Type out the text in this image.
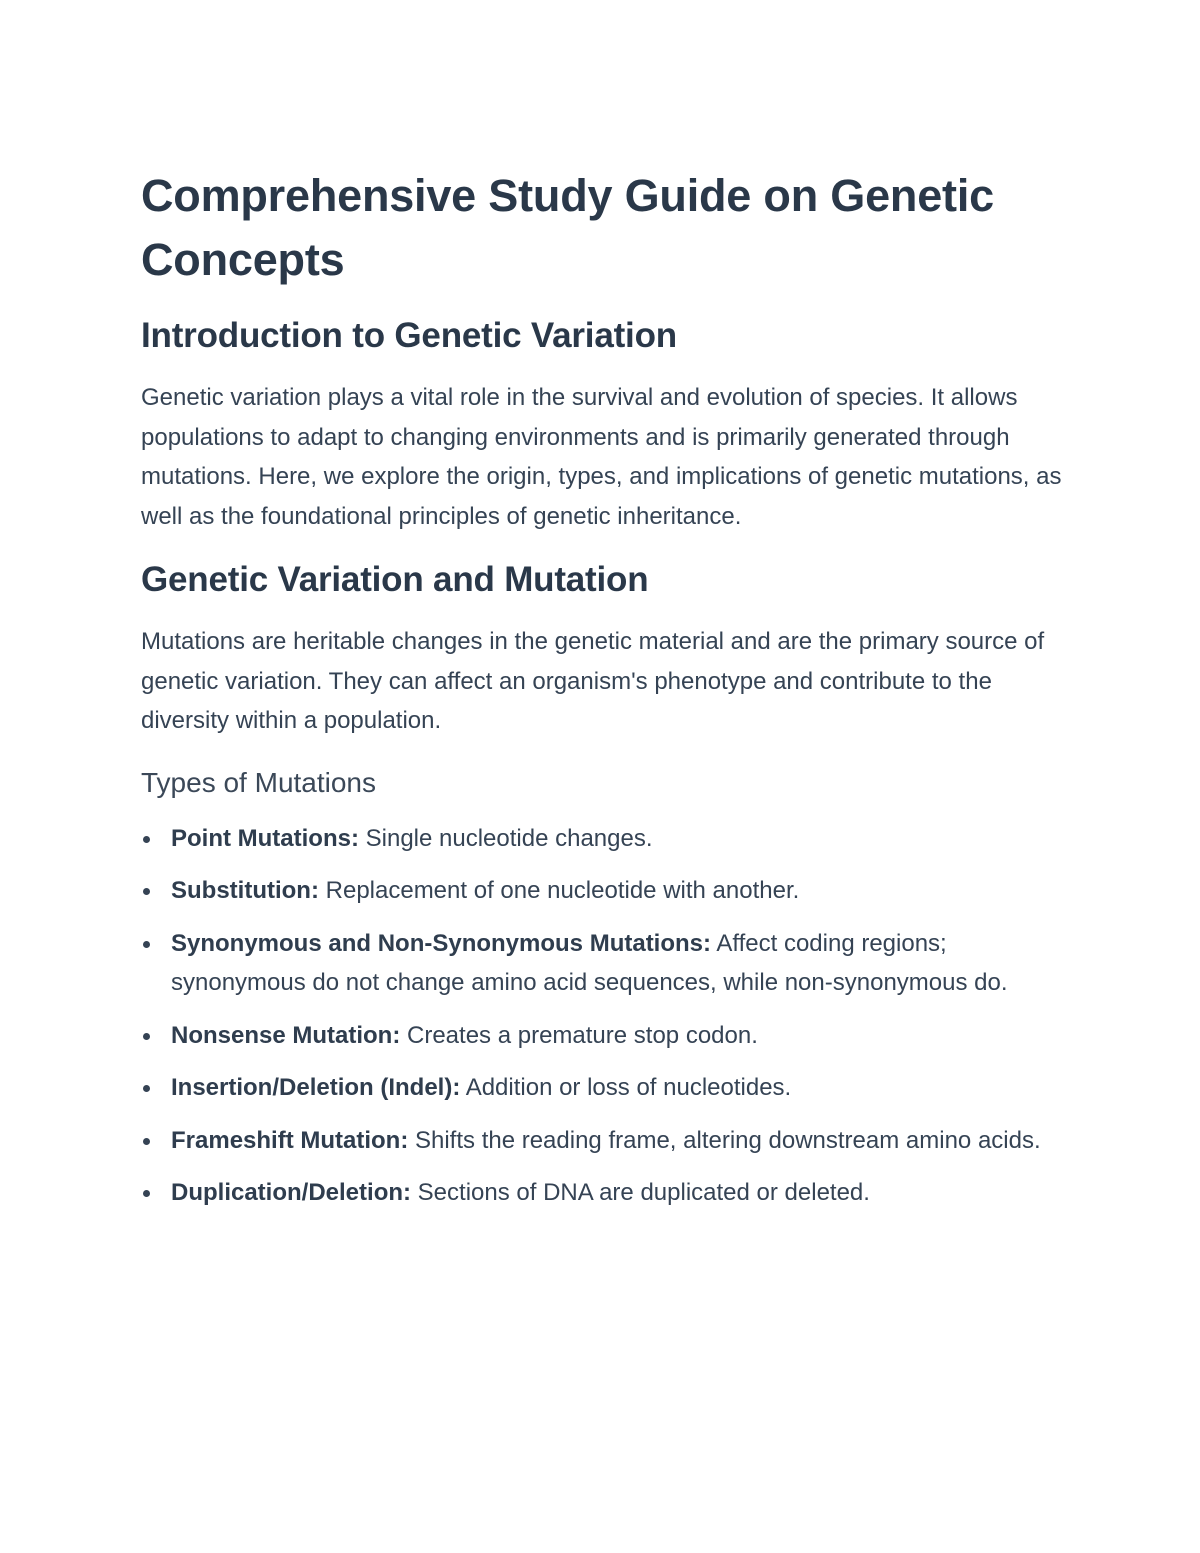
Comprehensive Study Guide on Genetic Concepts
Introduction to Genetic Variation

Genetic variation plays a vital role in the survival and evolution of species. It allows populations to adapt to changing environments and is primarily generated through mutations. Here, we explore the origin, types, and implications of genetic mutations, as well as the foundational principles of genetic inheritance.

Genetic Variation and Mutation

Mutations are heritable changes in the genetic material and are the primary source of genetic variation. They can affect an organism's phenotype and contribute to the diversity within a population.

Types of Mutations
Point Mutations: Single nucleotide changes.
Substitution: Replacement of one nucleotide with another.
Synonymous and Non-Synonymous Mutations: Affect coding regions; synonymous do not change amino acid sequences, while non-synonymous do.
Nonsense Mutation: Creates a premature stop codon.
Insertion/Deletion (Indel): Addition or loss of nucleotides.
Frameshift Mutation: Shifts the reading frame, altering downstream amino acids.
Duplication/Deletion: Sections of DNA are duplicated or deleted.
